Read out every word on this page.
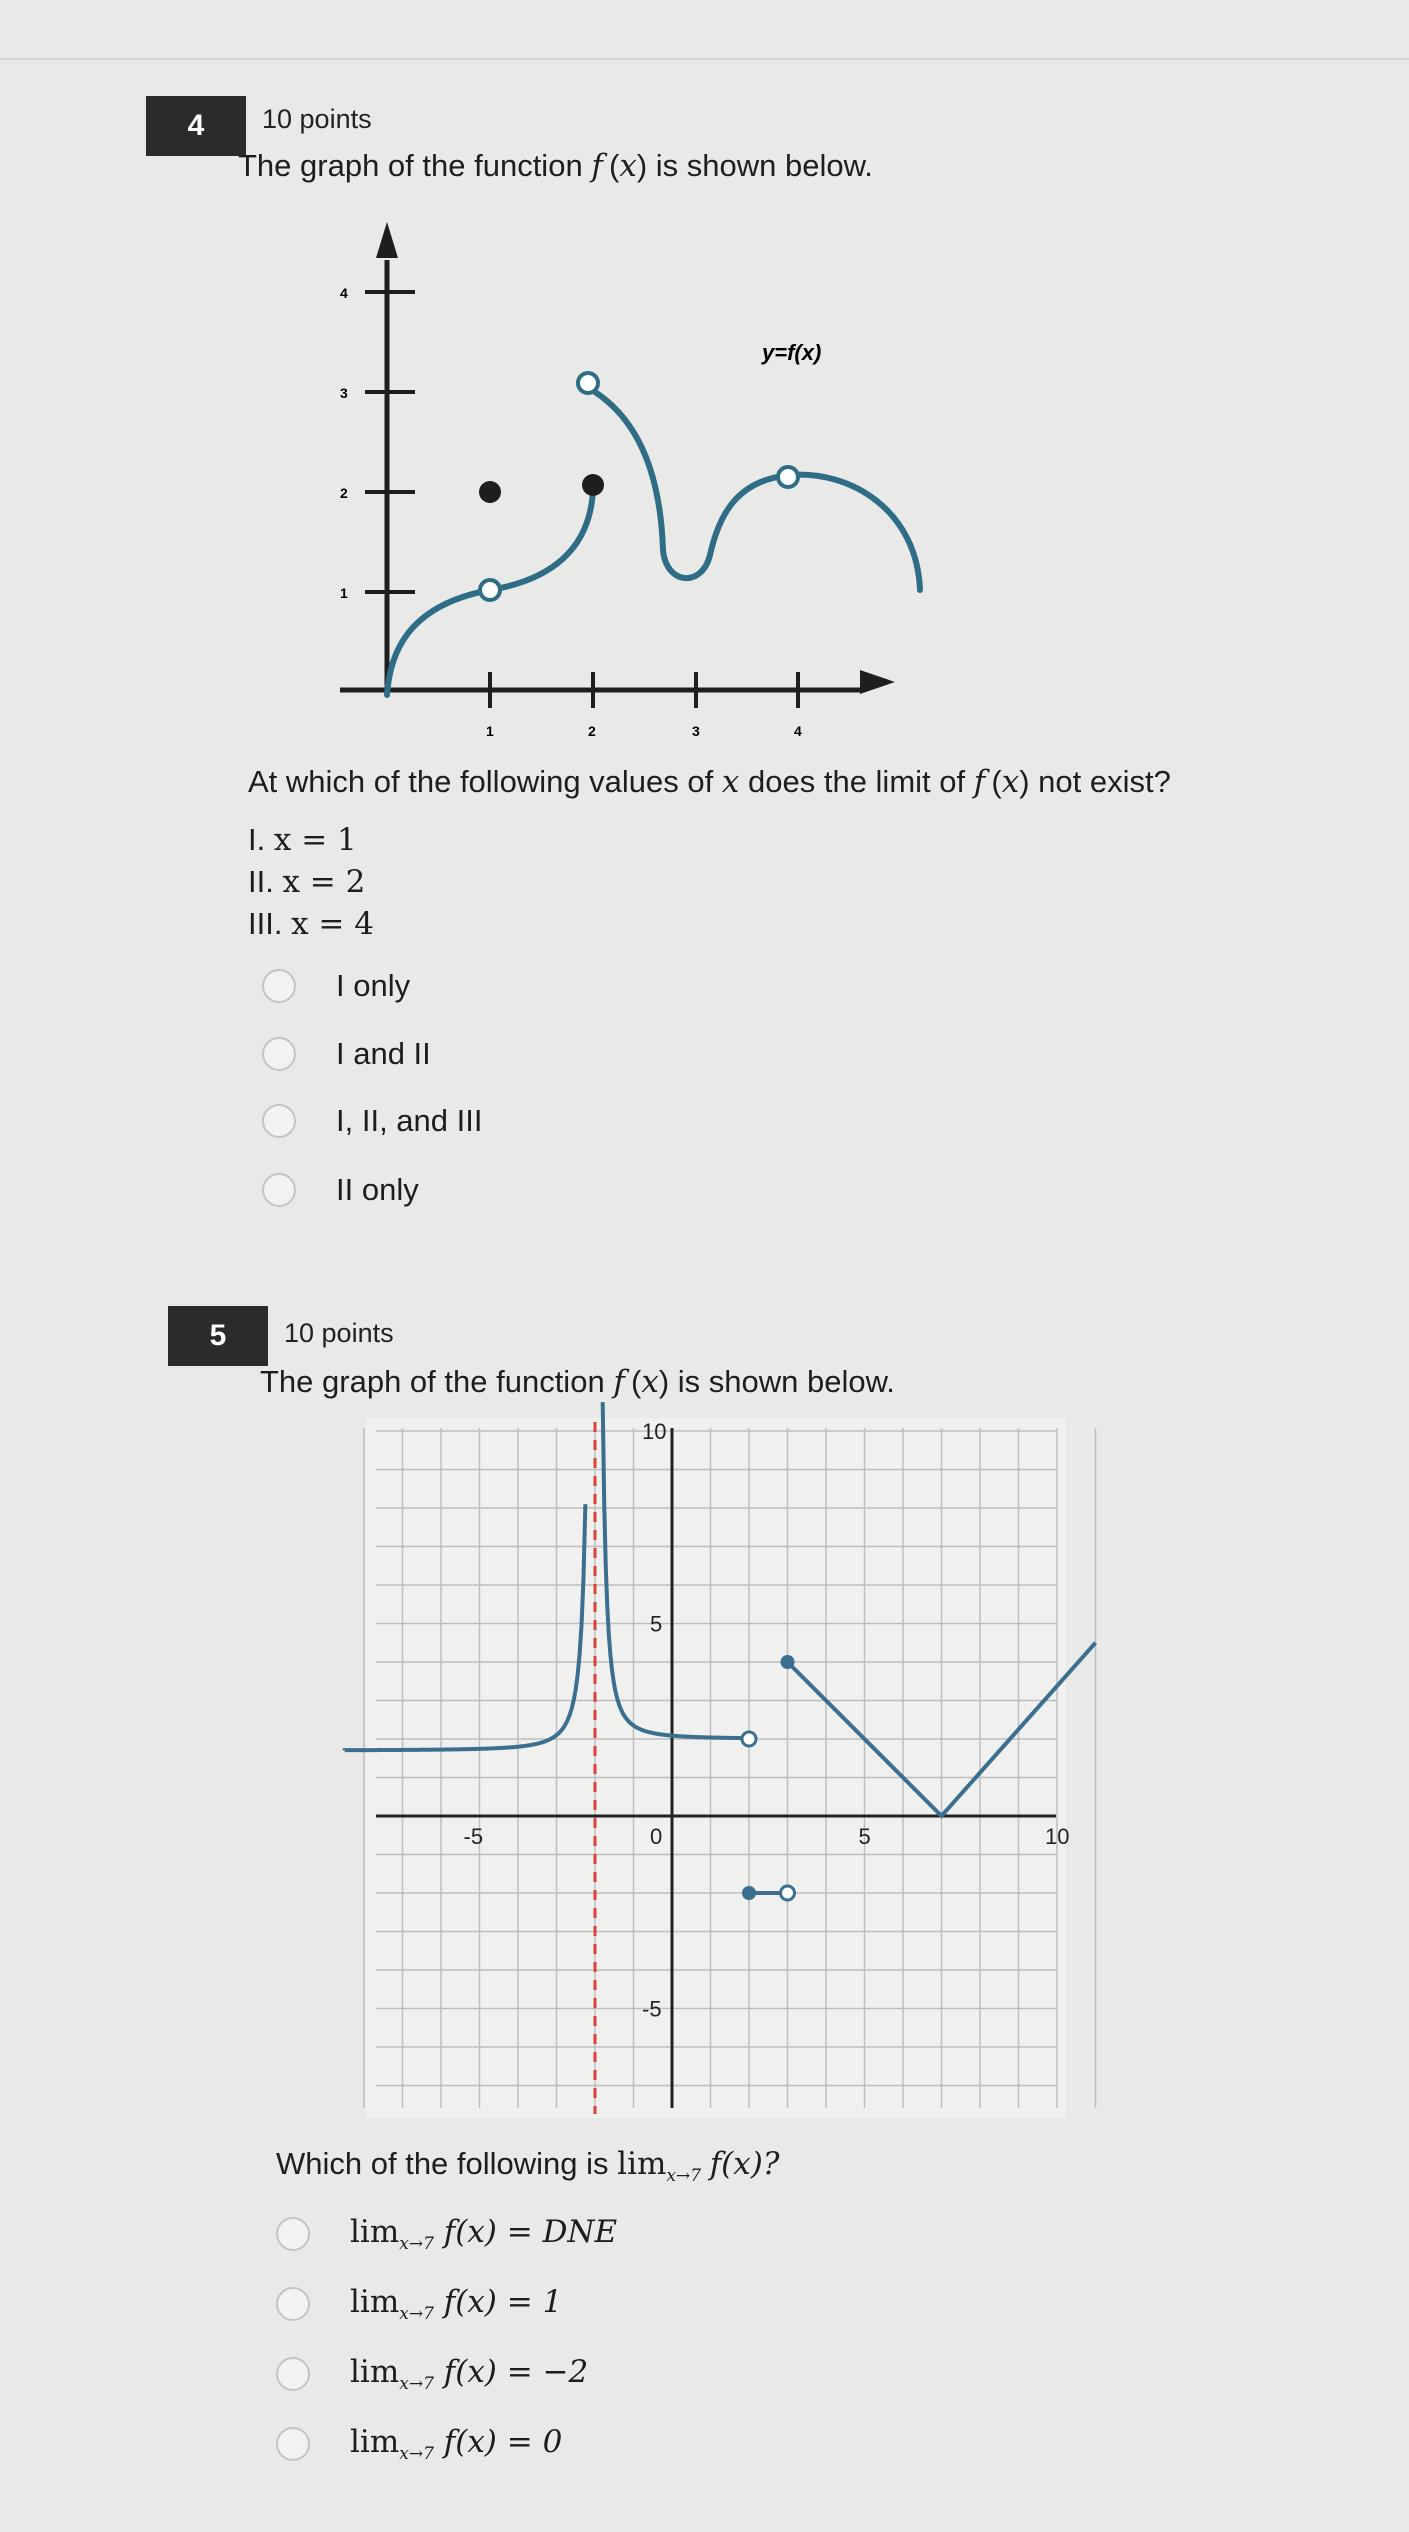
4	10 points
The graph of the function f (x) is shown below.
1
2
3
4
1	2	3	4
y=f(x)
At which of the following values of x does the limit of f (x) not exist?
I. x = 1
II. x = 2
III. x = 4
I only
I and II
I, II, and III
II only
5	10 points
The graph of the function f (x) is shown below.
-5	0	5	10
10
5
-5
Which of the following is $\lim_{x\to 7} f(x)$?
$\lim_{x\to 7} f(x)$ = DNE
$\lim_{x\to 7} f(x) = 1$
$\lim_{x\to 7} f(x) = -2$
$\lim_{x\to 7} f(x) = 0$
